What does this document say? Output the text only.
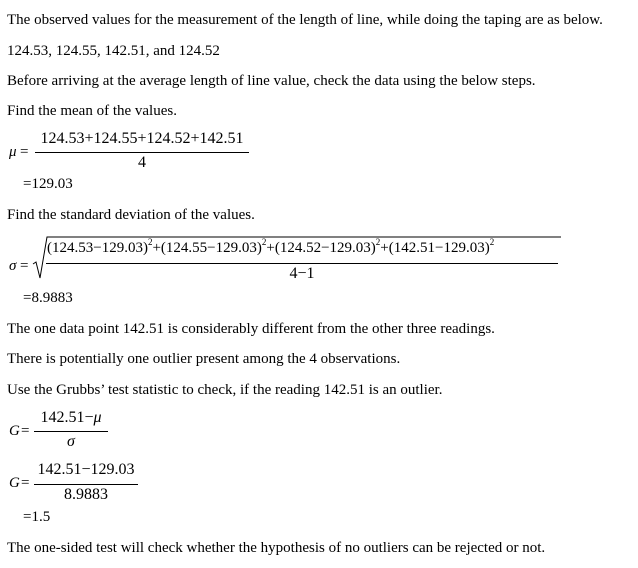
The observed values for the measurement of the length of line, while doing the taping are as below.
124.53, 124.55, 142.51, and 124.52
Before arriving at the average length of line value, check the data using the below steps.
Find the mean of the values.
μ =
124.53+124.55+124.52+142.51
4
=129.03
Find the standard deviation of the values.
σ =
$(124.53-129.03)^2+(124.55-129.03)^2+(124.52-129.03)^2+(142.51-129.03)^2$
4−1
=8.9883
The one data point 142.51 is considerably different from the other three readings.
There is potentially one outlier present among the 4 observations.
Use the Grubbs’ test statistic to check, if the reading 142.51 is an outlier.
G =
142.51−μ
σ
G =
142.51−129.03
8.9883
=1.5
The one-sided test will check whether the hypothesis of no outliers can be rejected or not.
